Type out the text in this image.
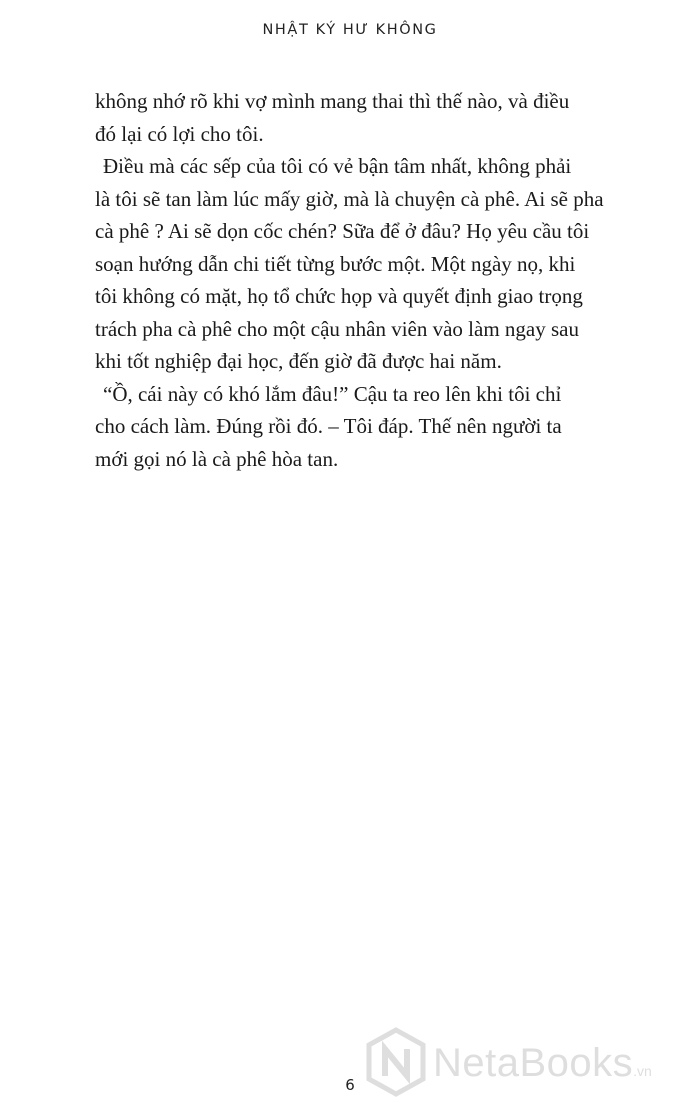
NHẬT KÝ HƯ KHÔNG

không nhớ rõ khi vợ mình mang thai thì thế nào, và điều
đó lại có lợi cho tôi.

Điều mà các sếp của tôi có vẻ bận tâm nhất, không phải
là tôi sẽ tan làm lúc mấy giờ, mà là chuyện cà phê. Ai sẽ pha
cà phê ? Ai sẽ dọn cốc chén? Sữa để ở đâu? Họ yêu cầu tôi
soạn hướng dẫn chi tiết từng bước một. Một ngày nọ, khi
tôi không có mặt, họ tổ chức họp và quyết định giao trọng
trách pha cà phê cho một cậu nhân viên vào làm ngay sau
khi tốt nghiệp đại học, đến giờ đã được hai năm.

“Ồ, cái này có khó lắm đâu!” Cậu ta reo lên khi tôi chỉ
cho cách làm. Đúng rồi đó. – Tôi đáp. Thế nên người ta
mới gọi nó là cà phê hòa tan.

6	NetaBooks.vn
